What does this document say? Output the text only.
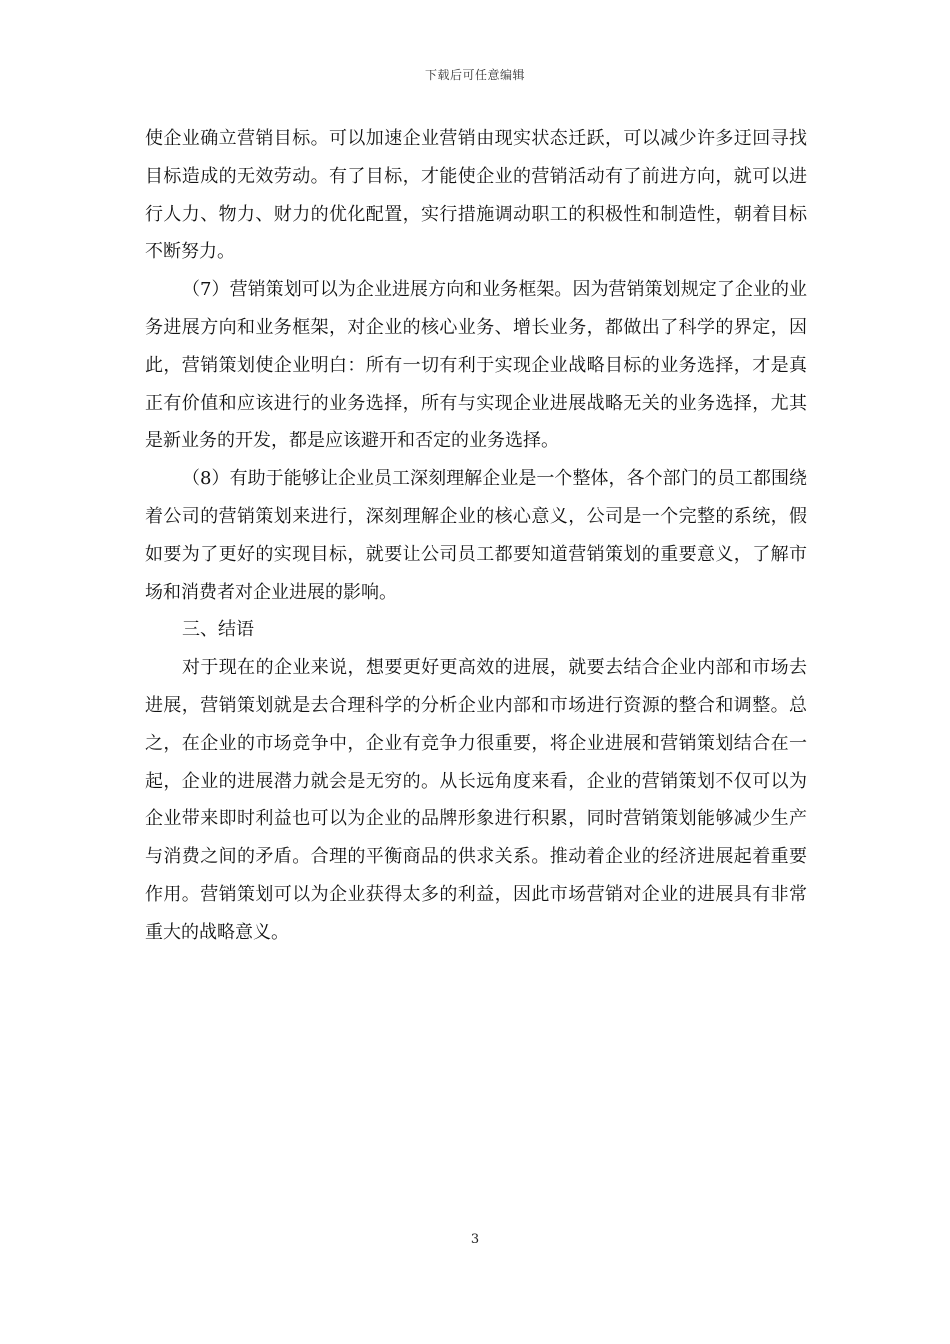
下载后可任意编辑

使企业确立营销目标。可以加速企业营销由现实状态迁跃，可以减少许多迂回寻找目标造成的无效劳动。有了目标，才能使企业的营销活动有了前进方向，就可以进行人力、物力、财力的优化配置，实行措施调动职工的积极性和制造性，朝着目标不断努力。

（7）营销策划可以为企业进展方向和业务框架。因为营销策划规定了企业的业务进展方向和业务框架，对企业的核心业务、增长业务，都做出了科学的界定，因此，营销策划使企业明白：所有一切有利于实现企业战略目标的业务选择，才是真正有价值和应该进行的业务选择，所有与实现企业进展战略无关的业务选择，尤其是新业务的开发，都是应该避开和否定的业务选择。

（8）有助于能够让企业员工深刻理解企业是一个整体，各个部门的员工都围绕着公司的营销策划来进行，深刻理解企业的核心意义，公司是一个完整的系统，假如要为了更好的实现目标，就要让公司员工都要知道营销策划的重要意义，了解市场和消费者对企业进展的影响。

三、结语

对于现在的企业来说，想要更好更高效的进展，就要去结合企业内部和市场去进展，营销策划就是去合理科学的分析企业内部和市场进行资源的整合和调整。总之，在企业的市场竞争中，企业有竞争力很重要，将企业进展和营销策划结合在一起，企业的进展潜力就会是无穷的。从长远角度来看，企业的营销策划不仅可以为企业带来即时利益也可以为企业的品牌形象进行积累，同时营销策划能够减少生产与消费之间的矛盾。合理的平衡商品的供求关系。推动着企业的经济进展起着重要作用。营销策划可以为企业获得太多的利益，因此市场营销对企业的进展具有非常重大的战略意义。

3
